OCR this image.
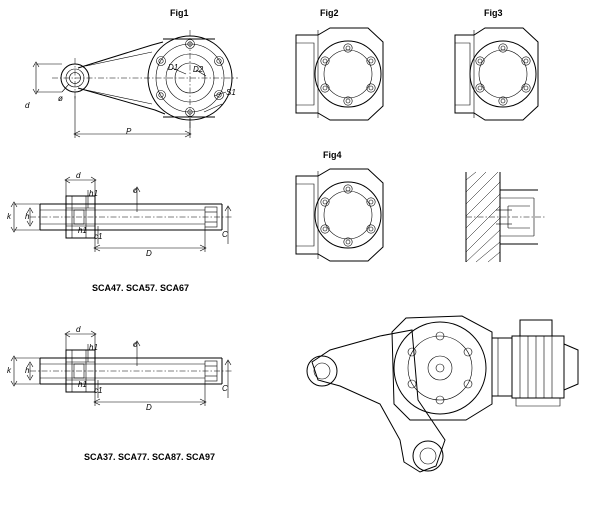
Fig1	Fig2	Fig3
Fig4
SCA47. SCA57. SCA67
SCA37. SCA77. SCA87. SCA97
d
ø
D1 D2
S1
P
d
h1	o
k h
h1
c1
D
C
d
h1	o
k h
h1
c1
D
C
